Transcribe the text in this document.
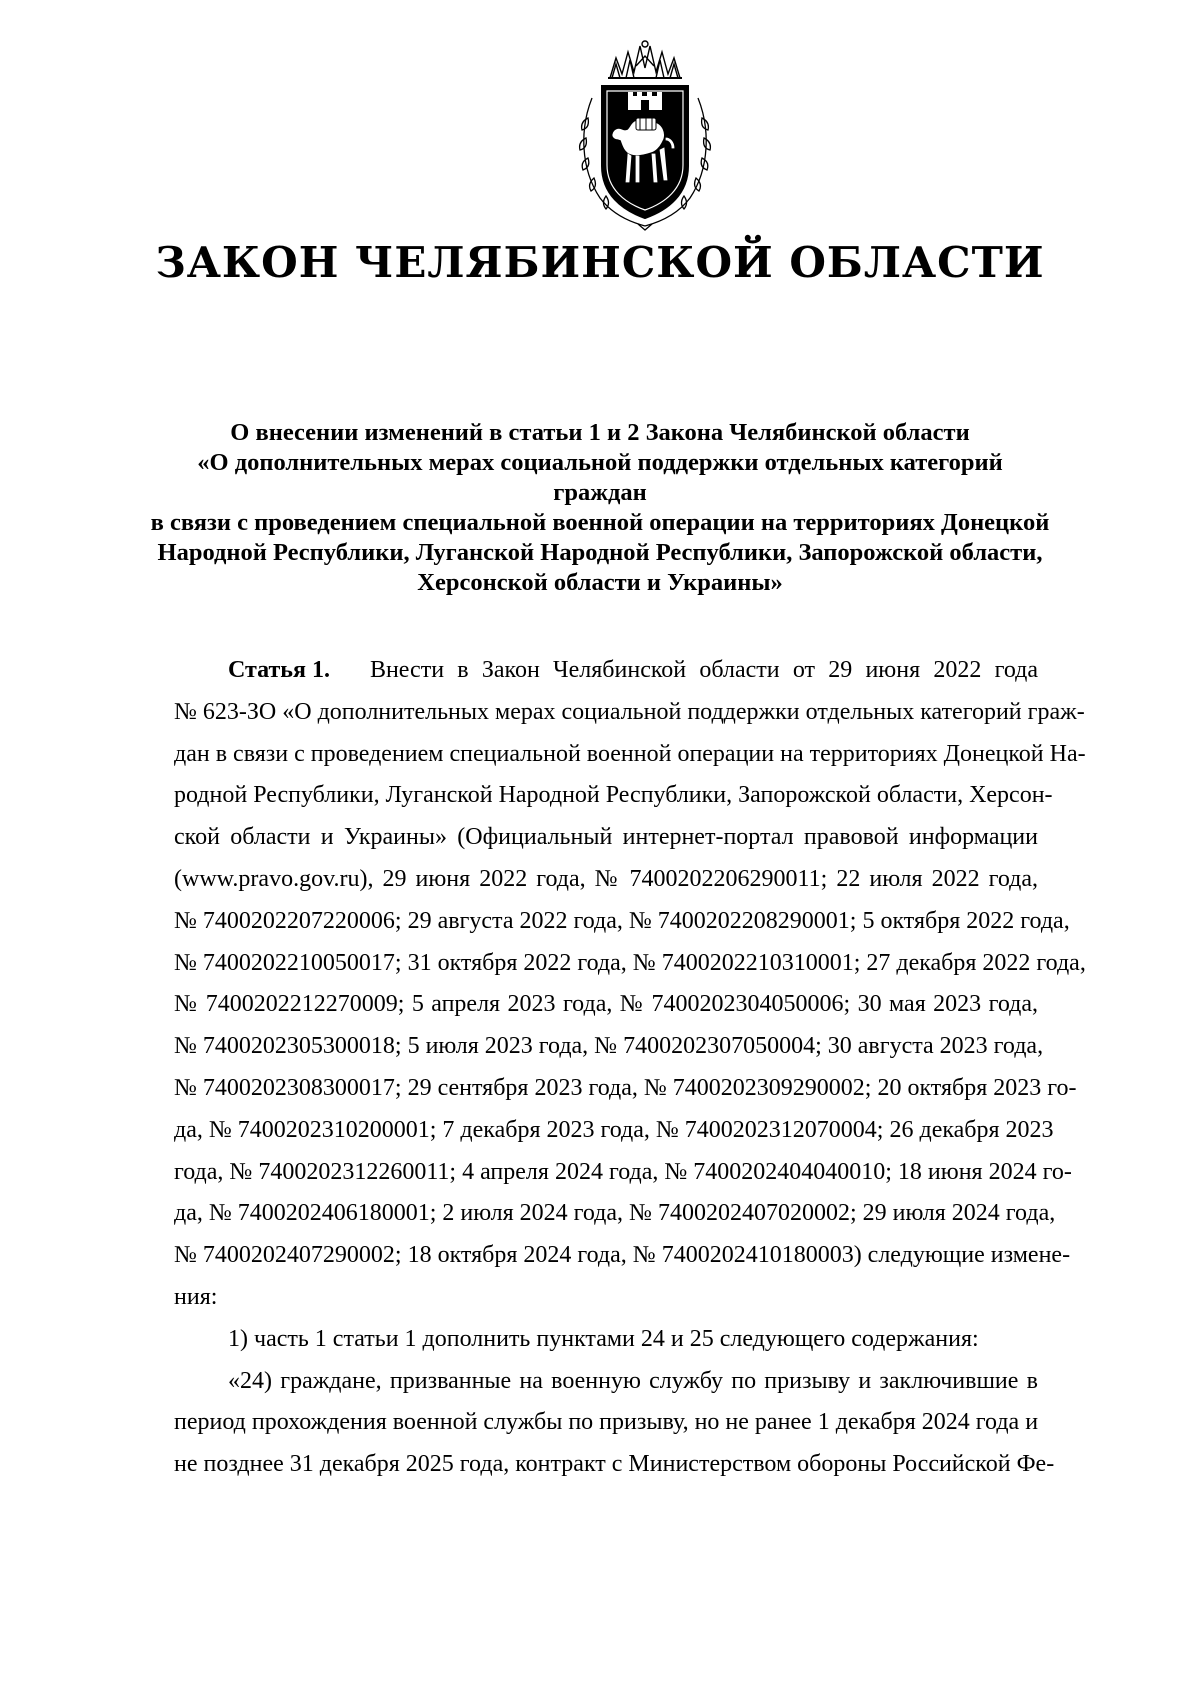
ЗАКОН ЧЕЛЯБИНСКОЙ ОБЛАСТИ
О внесении изменений в статьи 1 и 2 Закона Челябинской области
«О дополнительных мерах социальной поддержки отдельных категорий граждан
в связи с проведением специальной военной операции на территориях Донецкой
Народной Республики, Луганской Народной Республики, Запорожской области,
Херсонской области и Украины»
Статья 1.	Внести в Закон Челябинской области от 29 июня 2022 года
№ 623-ЗО «О дополнительных мерах социальной поддержки отдельных категорий граж-
дан в связи с проведением специальной военной операции на территориях Донецкой На-
родной Республики, Луганской Народной Республики, Запорожской области, Херсон-
ской области и Украины» (Официальный интернет-портал правовой информации
(www.pravo.gov.ru), 29 июня 2022 года, № 7400202206290011; 22 июля 2022 года,
№ 7400202207220006; 29 августа 2022 года, № 7400202208290001; 5 октября 2022 года,
№ 7400202210050017; 31 октября 2022 года, № 7400202210310001; 27 декабря 2022 года,
№ 7400202212270009; 5 апреля 2023 года, № 7400202304050006; 30 мая 2023 года,
№ 7400202305300018; 5 июля 2023 года, № 7400202307050004; 30 августа 2023 года,
№ 7400202308300017; 29 сентября 2023 года, № 7400202309290002; 20 октября 2023 го-
да, № 7400202310200001; 7 декабря 2023 года, № 7400202312070004; 26 декабря 2023
года, № 7400202312260011; 4 апреля 2024 года, № 7400202404040010; 18 июня 2024 го-
да, № 7400202406180001; 2 июля 2024 года, № 7400202407020002; 29 июля 2024 года,
№ 7400202407290002; 18 октября 2024 года, № 7400202410180003) следующие измене-
ния:
1) часть 1 статьи 1 дополнить пунктами 24 и 25 следующего содержания:
«24) граждане, призванные на военную службу по призыву и заключившие в
период прохождения военной службы по призыву, но не ранее 1 декабря 2024 года и
не позднее 31 декабря 2025 года, контракт с Министерством обороны Российской Фе-
